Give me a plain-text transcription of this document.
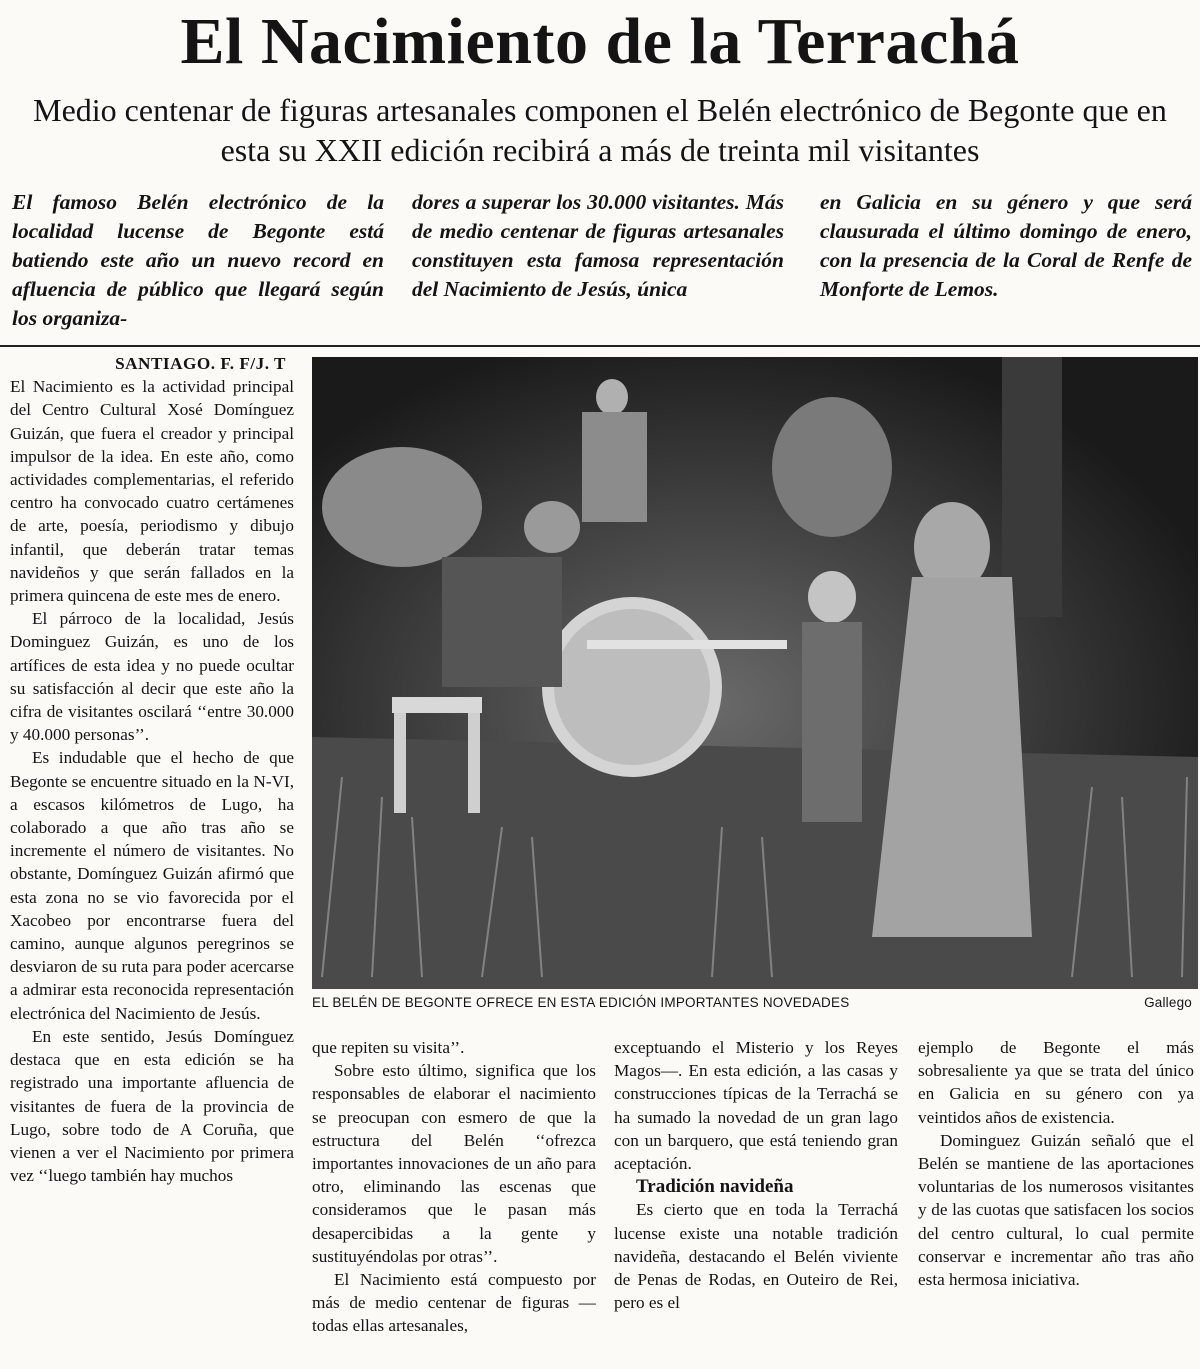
El Nacimiento de la Terrachá

Medio centenar de figuras artesanales componen el Belén electrónico de Begonte que en esta su XXII edición recibirá a más de treinta mil visitantes

El famoso Belén electrónico de la localidad lucense de Begonte está batiendo este año un nuevo record en afluencia de público que llegará según los organiza-

dores a superar los 30.000 visitantes. Más de medio centenar de figuras artesanales constituyen esta famosa representación del Nacimiento de Jesús, única

en Galicia en su género y que será clausurada el último domingo de enero, con la presencia de la Coral de Renfe de Monforte de Lemos.

SANTIAGO. F. F/J. T

El Nacimiento es la actividad principal del Centro Cultural Xosé Domínguez Guizán, que fuera el creador y principal impulsor de la idea. En este año, como actividades complementarias, el referido centro ha convocado cuatro certámenes de arte, poesía, periodismo y dibujo infantil, que deberán tratar temas navideños y que serán fallados en la primera quincena de este mes de enero.

El párroco de la localidad, Jesús Dominguez Guizán, es uno de los artífices de esta idea y no puede ocultar su satisfacción al decir que este año la cifra de visitantes oscilará ‘‘entre 30.000 y 40.000 personas’’.

Es indudable que el hecho de que Begonte se encuentre situado en la N-VI, a escasos kilómetros de Lugo, ha colaborado a que año tras año se incremente el número de visitantes. No obstante, Domínguez Guizán afirmó que esta zona no se vio favorecida por el Xacobeo por encontrarse fuera del camino, aunque algunos peregrinos se desviaron de su ruta para poder acercarse a admirar esta reconocida representación electrónica del Nacimiento de Jesús.

En este sentido, Jesús Domínguez destaca que en esta edición se ha registrado una importante afluencia de visitantes de fuera de la provincia de Lugo, sobre todo de A Coruña, que vienen a ver el Nacimiento por primera vez ‘‘luego también hay muchos

EL BELÉN DE BEGONTE OFRECE EN ESTA EDICIÓN IMPORTANTES NOVEDADES	Gallego

que repiten su visita’’.

Sobre esto último, significa que los responsables de elaborar el nacimiento se preocupan con esmero de que la estructura del Belén ‘‘ofrezca importantes innovaciones de un año para otro, eliminando las escenas que consideramos que le pasan más desapercibidas a la gente y sustituyéndolas por otras’’.

El Nacimiento está compuesto por más de medio centenar de figuras —todas ellas artesanales,

exceptuando el Misterio y los Reyes Magos—. En esta edición, a las casas y construcciones típicas de la Terrachá se ha sumado la novedad de un gran lago con un barquero, que está teniendo gran aceptación.

Tradición navideña

Es cierto que en toda la Terrachá lucense existe una notable tradición navideña, destacando el Belén viviente de Penas de Rodas, en Outeiro de Rei, pero es el

ejemplo de Begonte el más sobresaliente ya que se trata del único en Galicia en su género con ya veintidos años de existencia.

Dominguez Guizán señaló que el Belén se mantiene de las aportaciones voluntarias de los numerosos visitantes y de las cuotas que satisfacen los socios del centro cultural, lo cual permite conservar e incrementar año tras año esta hermosa iniciativa.
